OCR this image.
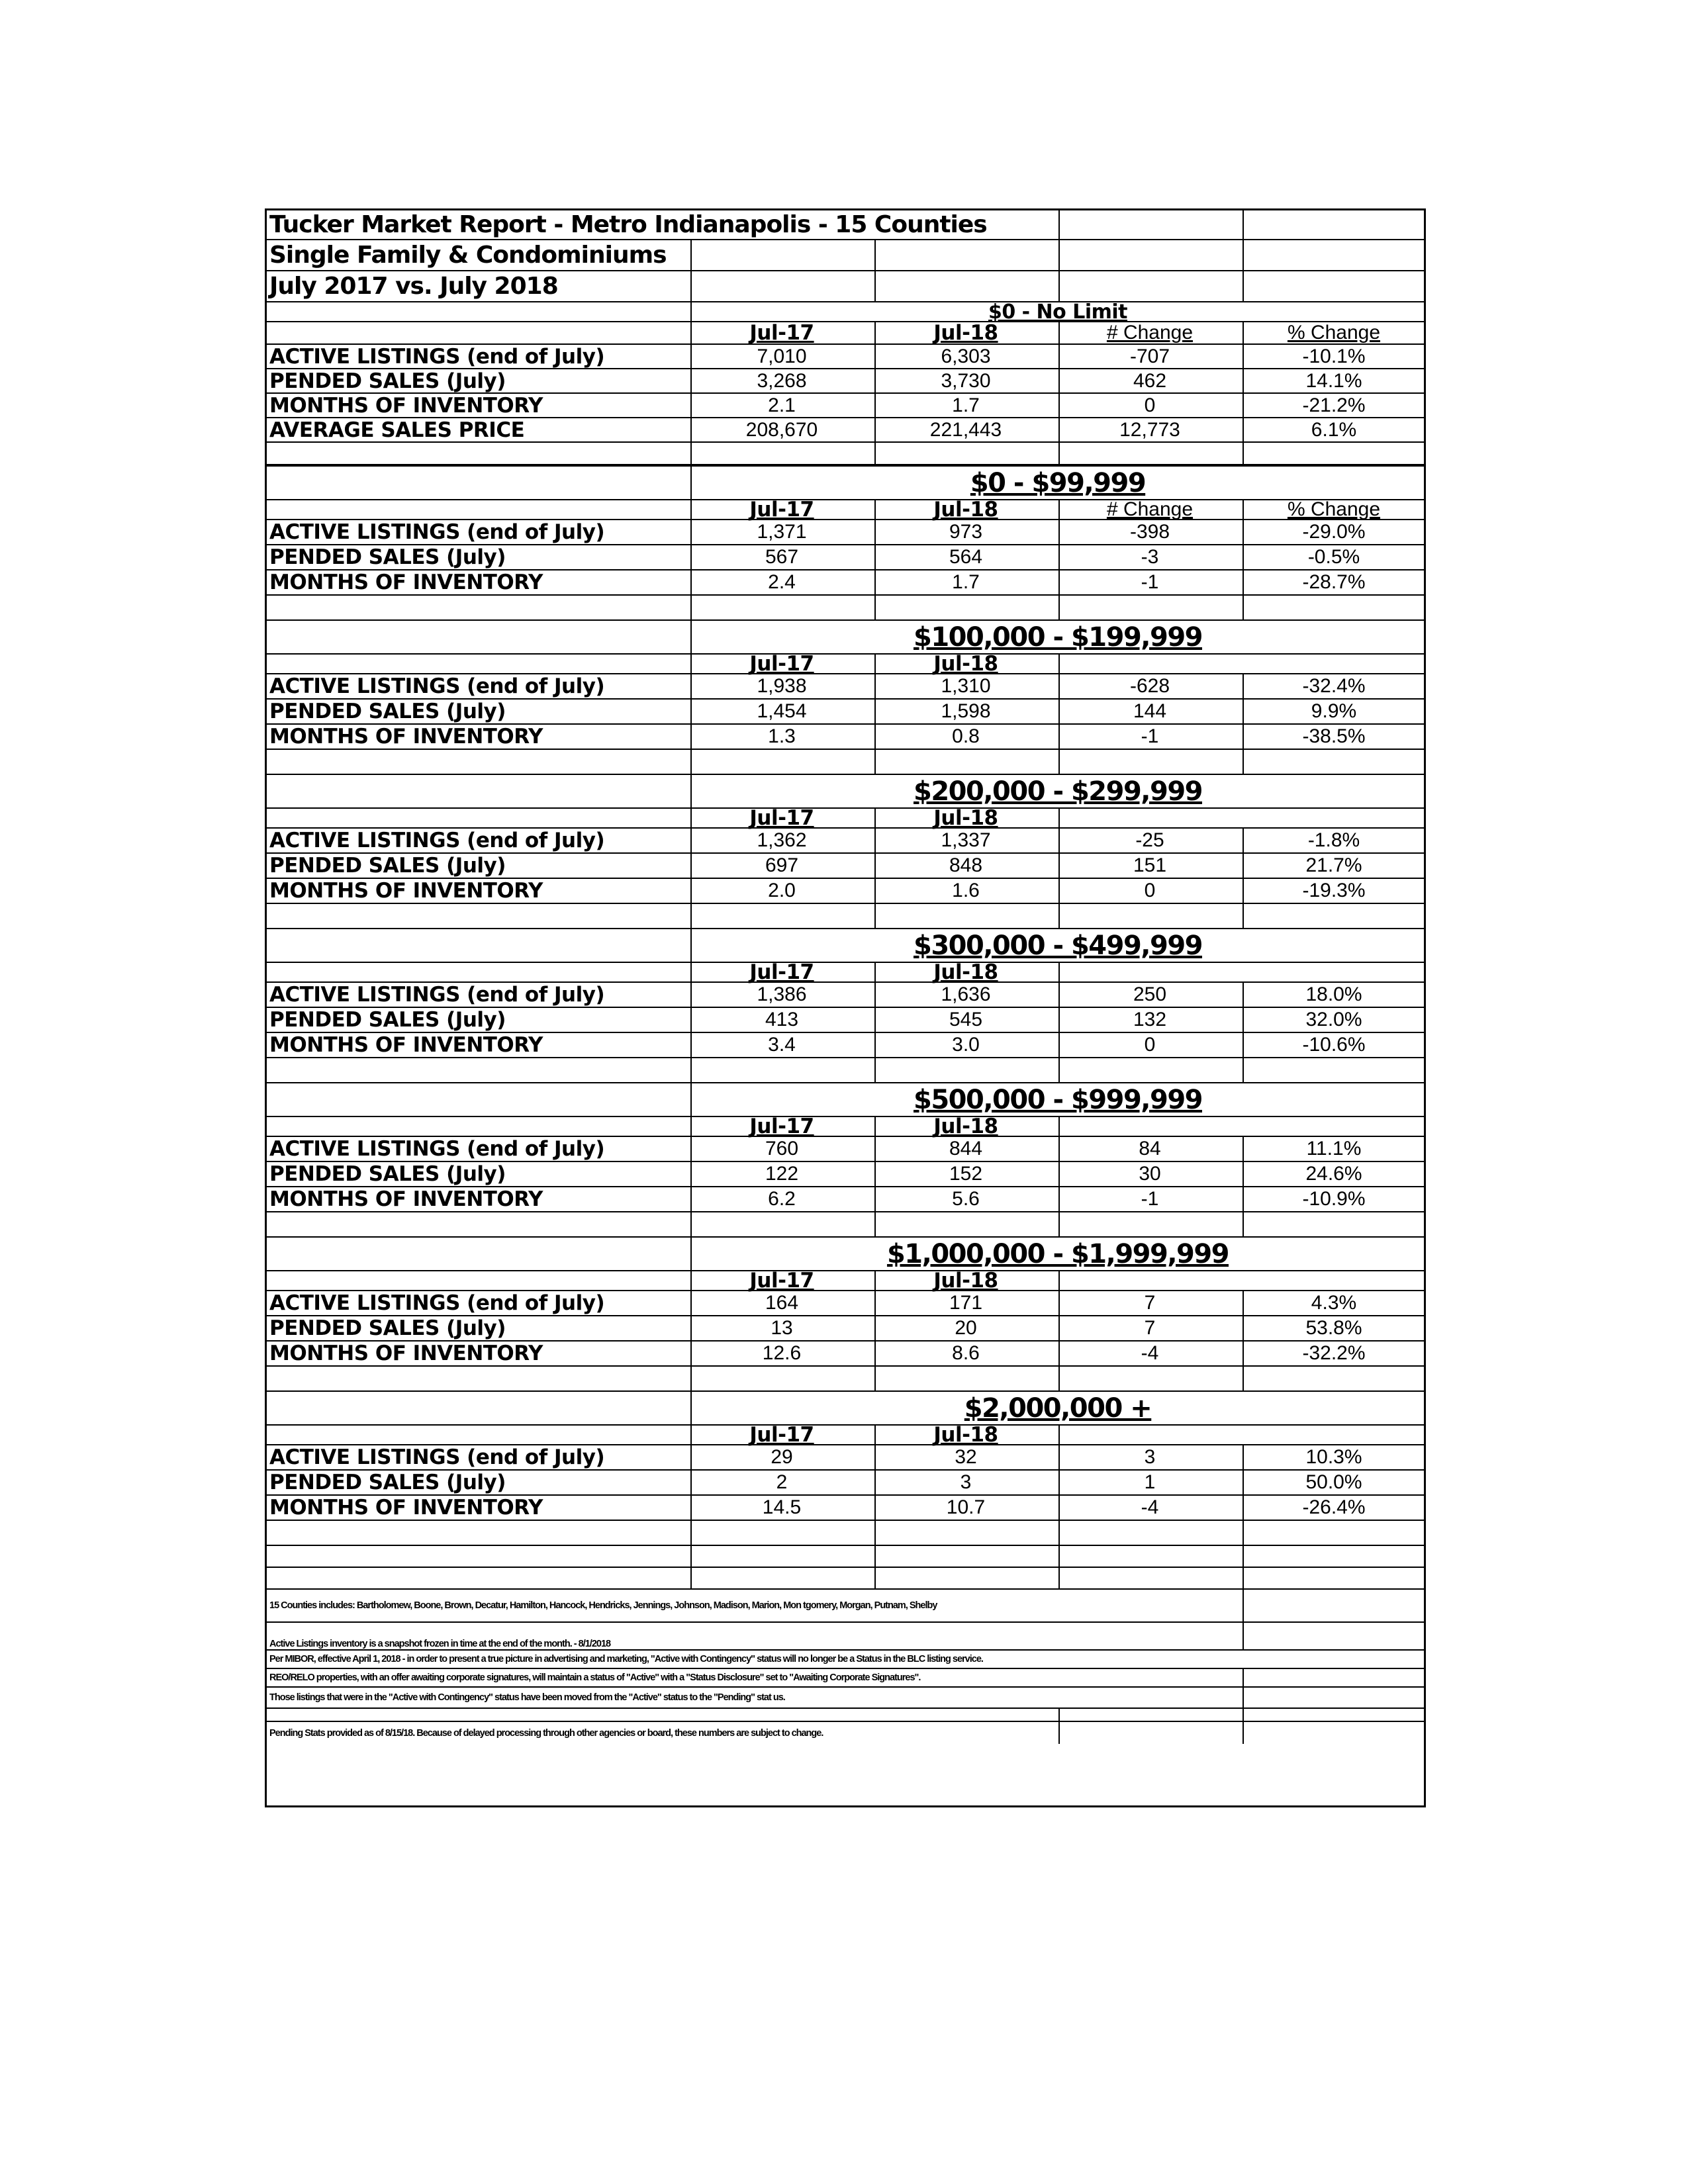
Tucker Market Report - Metro Indianapolis - 15 Counties
Single Family & Condominiums
July 2017 vs. July 2018
$0 - No Limit
Jul-17	Jul-18	# Change	% Change
ACTIVE LISTINGS (end of July)	7,010	6,303	-707	-10.1%
PENDED SALES (July)	3,268	3,730	462	14.1%
MONTHS OF INVENTORY	2.1	1.7	0	-21.2%
AVERAGE SALES PRICE	208,670	221,443	12,773	6.1%
$0 - $99,999
Jul-17	Jul-18	# Change	% Change
ACTIVE LISTINGS (end of July)	1,371	973	-398	-29.0%
PENDED SALES (July)	567	564	-3	-0.5%
MONTHS OF INVENTORY	2.4	1.7	-1	-28.7%
$100,000 - $199,999
Jul-17	Jul-18
ACTIVE LISTINGS (end of July)	1,938	1,310	-628	-32.4%
PENDED SALES (July)	1,454	1,598	144	9.9%
MONTHS OF INVENTORY	1.3	0.8	-1	-38.5%
$200,000 - $299,999
Jul-17	Jul-18
ACTIVE LISTINGS (end of July)	1,362	1,337	-25	-1.8%
PENDED SALES (July)	697	848	151	21.7%
MONTHS OF INVENTORY	2.0	1.6	0	-19.3%
$300,000 - $499,999
Jul-17	Jul-18
ACTIVE LISTINGS (end of July)	1,386	1,636	250	18.0%
PENDED SALES (July)	413	545	132	32.0%
MONTHS OF INVENTORY	3.4	3.0	0	-10.6%
$500,000 - $999,999
Jul-17	Jul-18
ACTIVE LISTINGS (end of July)	760	844	84	11.1%
PENDED SALES (July)	122	152	30	24.6%
MONTHS OF INVENTORY	6.2	5.6	-1	-10.9%
$1,000,000 - $1,999,999
Jul-17	Jul-18
ACTIVE LISTINGS (end of July)	164	171	7	4.3%
PENDED SALES (July)	13	20	7	53.8%
MONTHS OF INVENTORY	12.6	8.6	-4	-32.2%
$2,000,000 +
Jul-17	Jul-18
ACTIVE LISTINGS (end of July)	29	32	3	10.3%
PENDED SALES (July)	2	3	1	50.0%
MONTHS OF INVENTORY	14.5	10.7	-4	-26.4%
15 Counties includes: Bartholomew, Boone, Brown, Decatur, Hamilton, Hancock, Hendricks, Jennings, Johnson, Madison, Marion, Mon tgomery, Morgan, Putnam, Shelby
Active Listings inventory is a snapshot frozen in time at the end of the month. - 8/1/2018
Per MIBOR, effective April 1, 2018 - in order to present a true picture in advertising and marketing, "Active with Contingency" status will no longer be a Status in the BLC listing service.
REO/RELO properties, with an offer awaiting corporate signatures, will maintain a status of "Active" with a "Status Disclosure" set to "Awaiting Corporate Signatures".
Those listings that were in the "Active with Contingency" status have been moved from the "Active" status to the "Pending" stat us.
Pending Stats provided as of 8/15/18. Because of delayed processing through other agencies or board, these numbers are subject to change.
